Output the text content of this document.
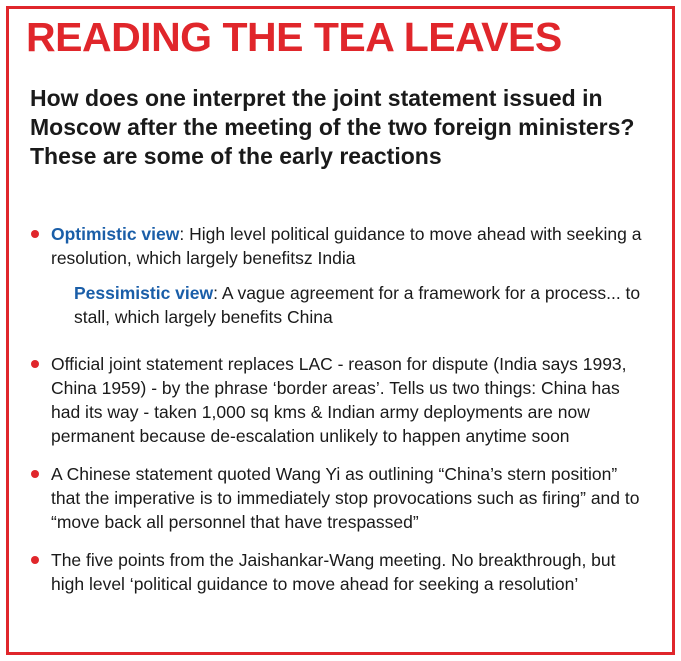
READING THE TEA LEAVES

How does one interpret the joint statement issued in Moscow after the meeting of the two foreign ministers? These are some of the early reactions

Optimistic view: High level political guidance to move ahead with seeking a resolution, which largely benefitsz India
Pessimistic view: A vague agreement for a framework for a process... to stall, which largely benefits China
Official joint statement replaces LAC - reason for dispute (India says 1993, China 1959) - by the phrase ‘border areas’. Tells us two things: China has had its way - taken 1,000 sq kms & Indian army deployments are now permanent because de-escalation unlikely to happen anytime soon
A Chinese statement quoted Wang Yi as outlining “China’s stern position” that the imperative is to immediately stop provocations such as firing” and to “move back all personnel that have trespassed”
The five points from the Jaishankar-Wang meeting. No breakthrough, but high level ‘political guidance to move ahead for seeking a resolution’
